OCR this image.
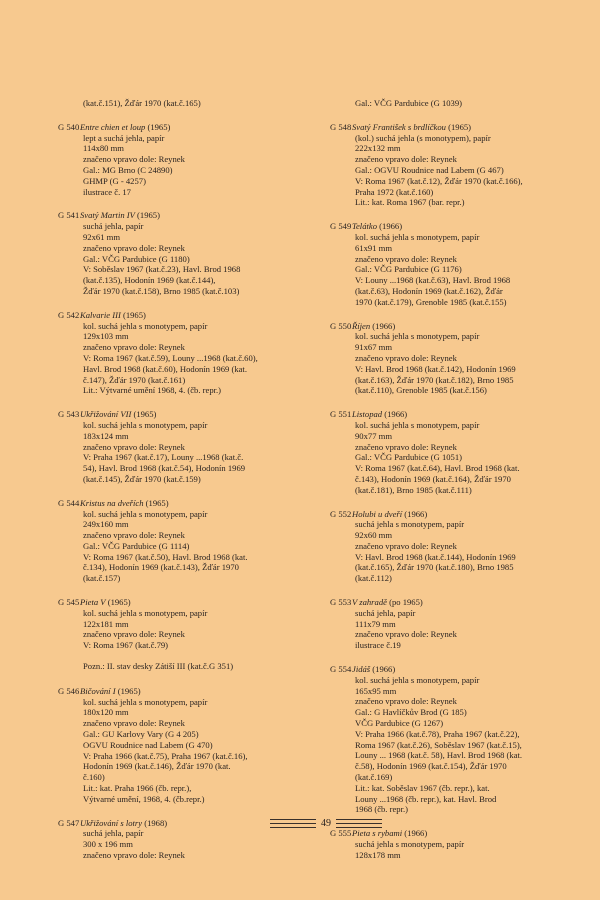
(kat.č.151), Žďár 1970 (kat.č.165)
G 540Entre chien et loup (1965)
lept a suchá jehla, papír
114x80 mm
značeno vpravo dole: Reynek
Gal.: MG Brno (C 24890)
GHMP (G - 4257)
ilustrace č. 17
G 541Svatý Martin IV (1965)
suchá jehla, papír
92x61 mm
značeno vpravo dole: Reynek
Gal.: VČG Pardubice (G 1180)
V: Soběslav 1967 (kat.č.23), Havl. Brod 1968
(kat.č.135), Hodonín 1969 (kat.č.144),
Žďár 1970 (kat.č.158), Brno 1985 (kat.č.103)
G 542Kalvarie III (1965)
kol. suchá jehla s monotypem, papír
129x103 mm
značeno vpravo dole: Reynek
V: Roma 1967 (kat.č.59), Louny ...1968 (kat.č.60),
Havl. Brod 1968 (kat.č.60), Hodonín 1969 (kat.
č.147), Žďár 1970 (kat.č.161)
Lit.: Výtvarné umění 1968, 4. (čb. repr.)
G 543Ukřižování VII (1965)
kol. suchá jehla s monotypem, papír
183x124 mm
značeno vpravo dole: Reynek
V: Praha 1967 (kat.č.17), Louny ...1968 (kat.č.
54), Havl. Brod 1968 (kat.č.54), Hodonín 1969
(kat.č.145), Žďár 1970 (kat.č.159)
G 544Kristus na dveřích (1965)
kol. suchá jehla s monotypem, papír
249x160 mm
značeno vpravo dole: Reynek
Gal.: VČG Pardubice (G 1114)
V: Roma 1967 (kat.č.50), Havl. Brod 1968 (kat.
č.134), Hodonín 1969 (kat.č.143), Žďár 1970
(kat.č.157)
G 545Pieta V (1965)
kol. suchá jehla s monotypem, papír
122x181 mm
značeno vpravo dole: Reynek
V: Roma 1967 (kat.č.79)
Pozn.: II. stav desky Zátiší III (kat.č.G 351)
G 546Bičování I (1965)
kol. suchá jehla s monotypem, papír
180x120 mm
značeno vpravo dole: Reynek
Gal.: GU Karlovy Vary (G 4 205)
OGVU Roudnice nad Labem (G 470)
V: Praha 1966 (kat.č.75), Praha 1967 (kat.č.16),
Hodonín 1969 (kat.č.146), Žďár 1970 (kat.
č.160)
Lit.: kat. Praha 1966 (čb. repr.),
Výtvarné umění, 1968, 4. (čb.repr.)
G 547Ukřižování s lotry (1968)
suchá jehla, papír
300 x 196 mm
značeno vpravo dole: Reynek
Gal.: VČG Pardubice (G 1039)
G 548Svatý František s brdlíčkou (1965)
(kol.) suchá jehla (s monotypem), papír
222x132 mm
značeno vpravo dole: Reynek
Gal.: OGVU Roudnice nad Labem (G 467)
V: Roma 1967 (kat.č.12), Žďár 1970 (kat.č.166),
Praha 1972 (kat.č.160)
Lit.: kat. Roma 1967 (bar. repr.)
G 549Telátko (1966)
kol. suchá jehla s monotypem, papír
61x91 mm
značeno vpravo dole: Reynek
Gal.: VČG Pardubice (G 1176)
V: Louny ...1968 (kat.č.63), Havl. Brod 1968
(kat.č.63), Hodonín 1969 (kat.č.162), Žďár
1970 (kat.č.179), Grenoble 1985 (kat.č.155)
G 550Říjen (1966)
kol. suchá jehla s monotypem, papír
91x67 mm
značeno vpravo dole: Reynek
V: Havl. Brod 1968 (kat.č.142), Hodonín 1969
(kat.č.163), Žďár 1970 (kat.č.182), Brno 1985
(kat.č.110), Grenoble 1985 (kat.č.156)
G 551Listopad (1966)
kol. suchá jehla s monotypem, papír
90x77 mm
značeno vpravo dole: Reynek
Gal.: VČG Pardubice (G 1051)
V: Roma 1967 (kat.č.64), Havl. Brod 1968 (kat.
č.143), Hodonín 1969 (kat.č.164), Žďár 1970
(kat.č.181), Brno 1985 (kat.č.111)
G 552Holubi u dveří (1966)
suchá jehla s monotypem, papír
92x60 mm
značeno vpravo dole: Reynek
V: Havl. Brod 1968 (kat.č.144), Hodonín 1969
(kat.č.165), Žďár 1970 (kat.č.180), Brno 1985
(kat.č.112)
G 553V zahradě (po 1965)
suchá jehla, papír
111x79 mm
značeno vpravo dole: Reynek
ilustrace č.19
G 554Jidáš (1966)
kol. suchá jehla s monotypem, papír
165x95 mm
značeno vpravo dole: Reynek
Gal.: G Havlíčkův Brod (G 185)
VČG Pardubice (G 1267)
V: Praha 1966 (kat.č.78), Praha 1967 (kat.č.22),
Roma 1967 (kat.č.26), Soběslav 1967 (kat.č.15),
Louny ... 1968 (kat.č. 58), Havl. Brod 1968 (kat.
č.58), Hodonín 1969 (kat.č.154), Žďár 1970
(kat.č.169)
Lit.: kat. Soběslav 1967 (čb. repr.), kat.
Louny ...1968 (čb. repr.), kat. Havl. Brod
1968 (čb. repr.)
G 555Pieta s rybami (1966)
suchá jehla s monotypem, papír
128x178 mm
49
